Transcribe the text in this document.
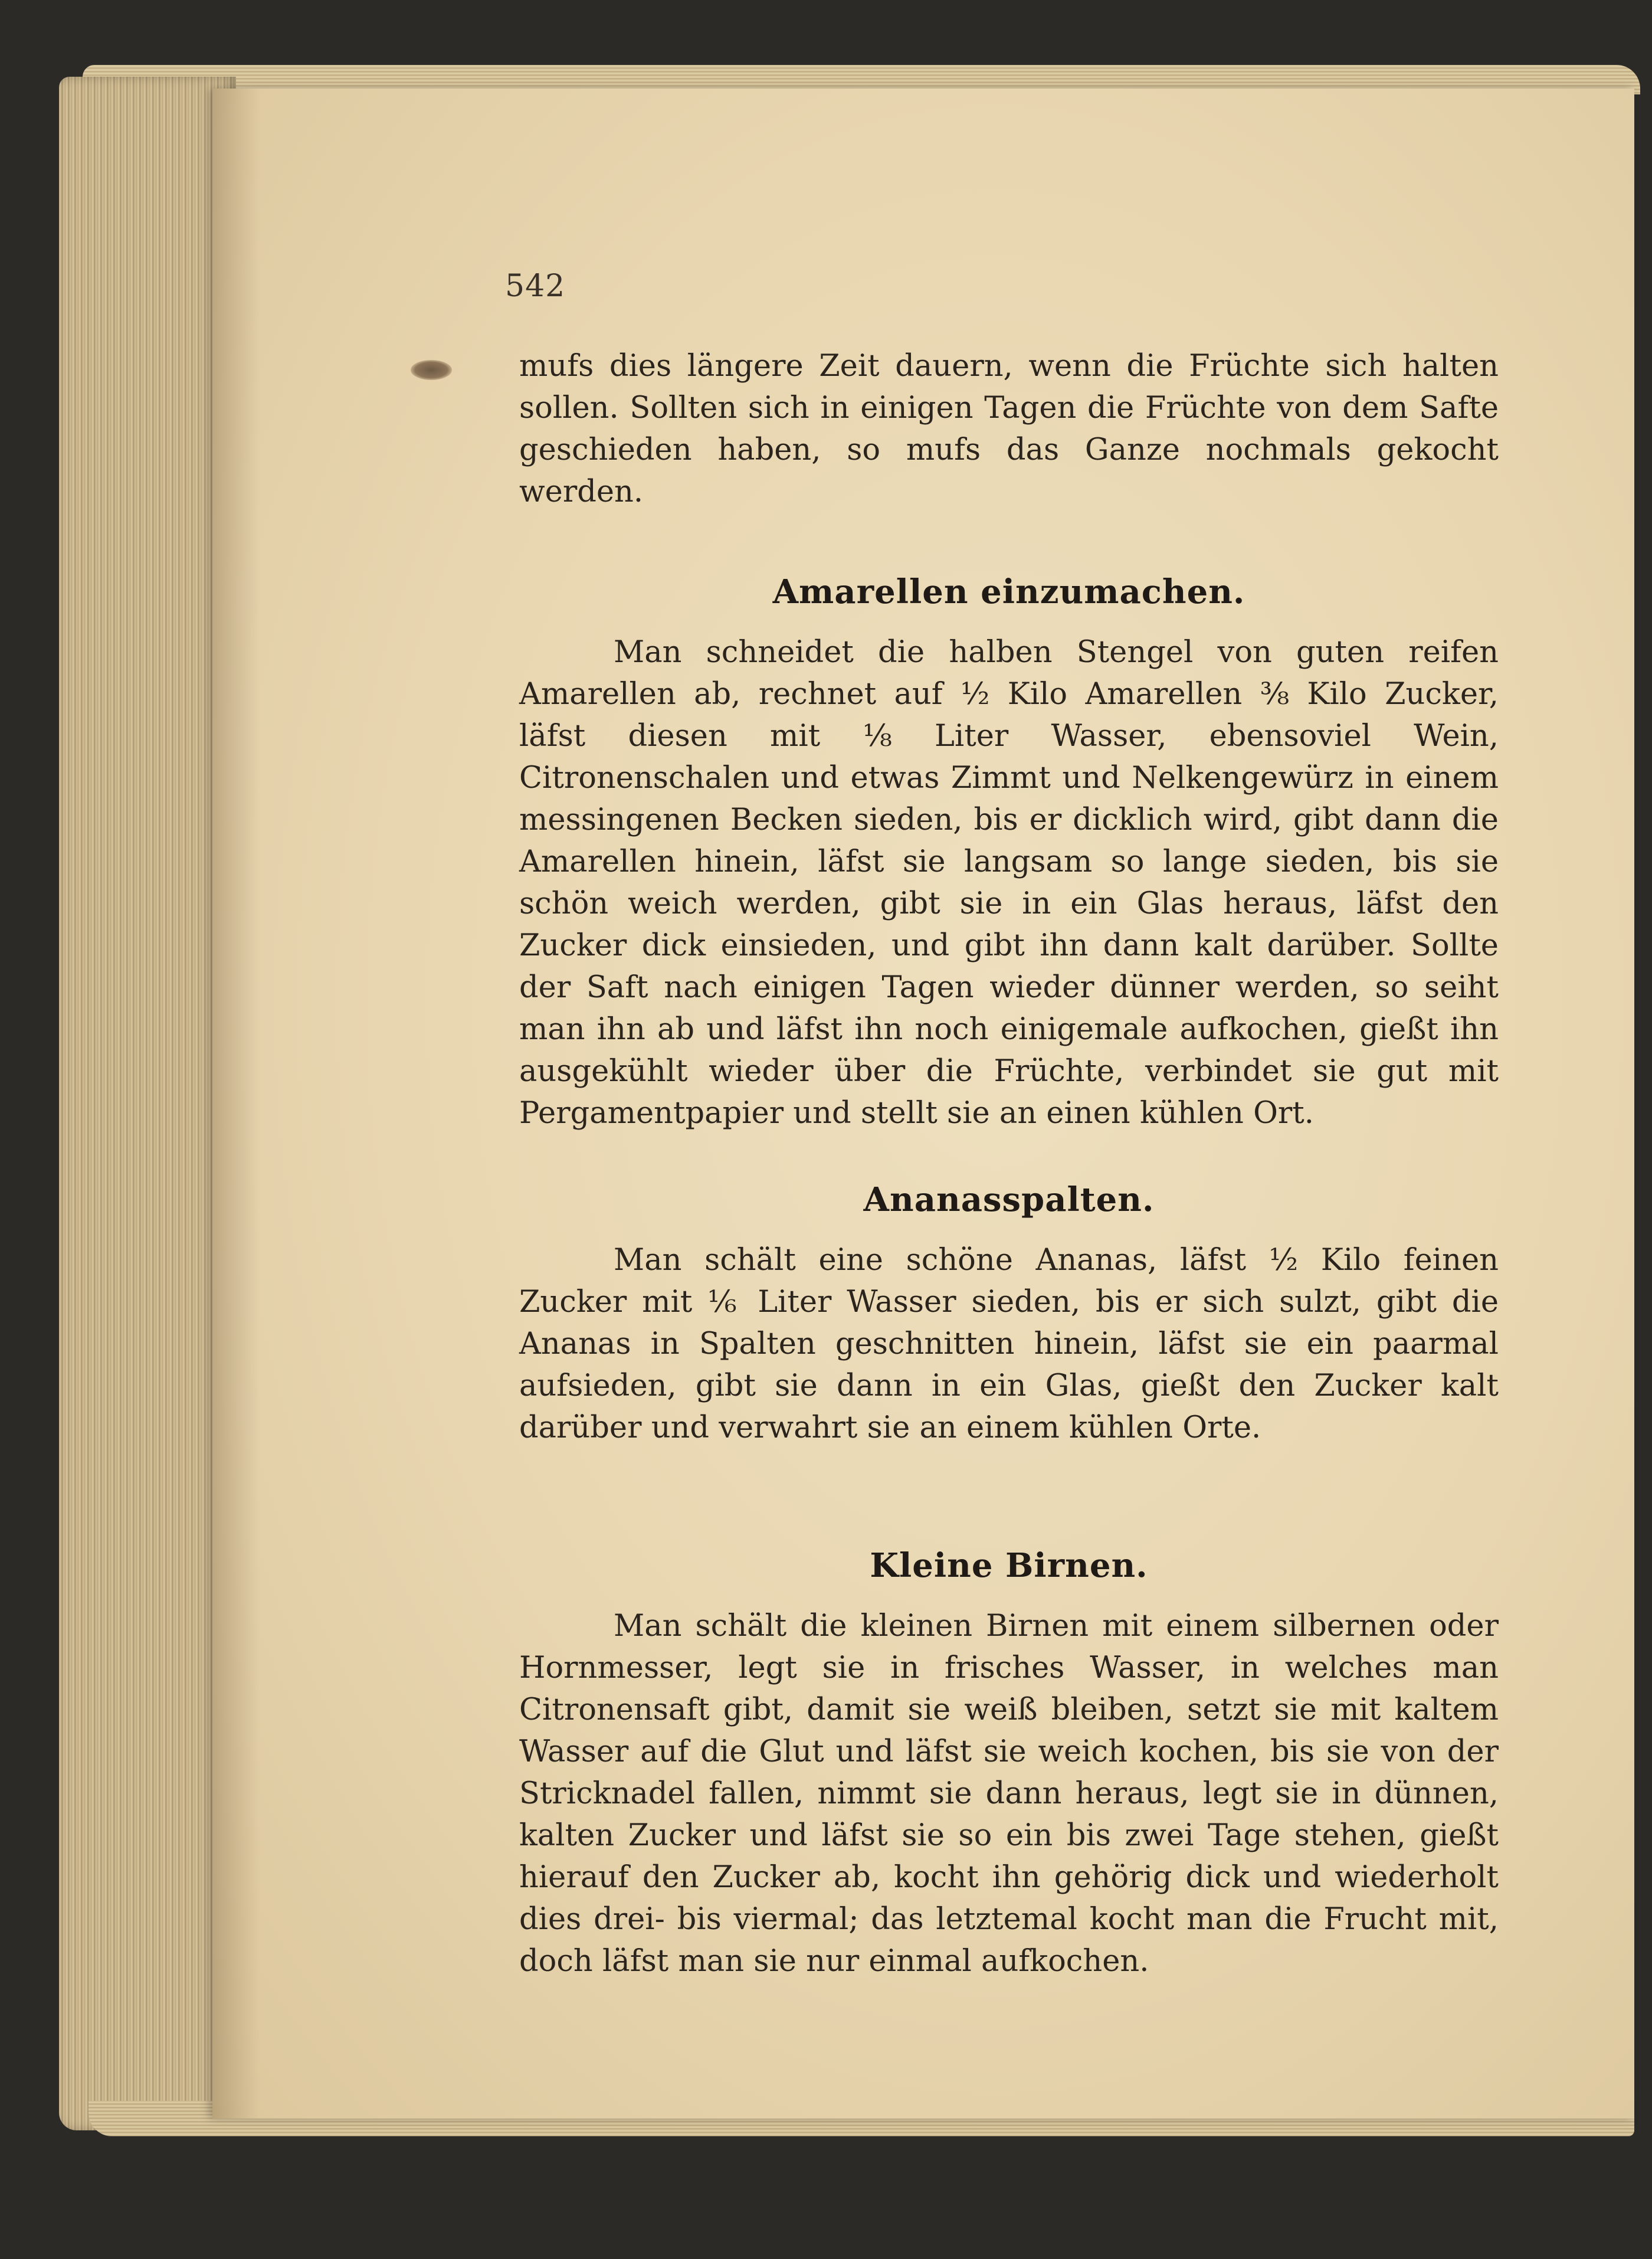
542

mufs dies längere Zeit dauern, wenn die Früchte sich halten sollen. Sollten sich in einigen Tagen die Früchte von dem Safte geschieden haben, so mufs das Ganze nochmals gekocht werden.

Amarellen einzumachen.

Man schneidet die halben Stengel von guten reifen Amarellen ab, rechnet auf ½ Kilo Amarellen ⅜ Kilo Zucker, läfst diesen mit ⅛ Liter Wasser, ebensoviel Wein, Citronenschalen und etwas Zimmt und Nelkengewürz in einem messingenen Becken sieden, bis er dicklich wird, gibt dann die Amarellen hinein, läfst sie langsam so lange sieden, bis sie schön weich werden, gibt sie in ein Glas heraus, läfst den Zucker dick einsieden, und gibt ihn dann kalt darüber. Sollte der Saft nach einigen Tagen wieder dünner werden, so seiht man ihn ab und läfst ihn noch einigemale aufkochen, gießt ihn ausgekühlt wieder über die Früchte, verbindet sie gut mit Pergamentpapier und stellt sie an einen kühlen Ort.

Ananasspalten.

Man schält eine schöne Ananas, läfst ½ Kilo feinen Zucker mit ⅙ Liter Wasser sieden, bis er sich sulzt, gibt die Ananas in Spalten geschnitten hinein, läfst sie ein paarmal aufsieden, gibt sie dann in ein Glas, gießt den Zucker kalt darüber und verwahrt sie an einem kühlen Orte.

Kleine Birnen.

Man schält die kleinen Birnen mit einem silbernen oder Hornmesser, legt sie in frisches Wasser, in welches man Citronensaft gibt, damit sie weiß bleiben, setzt sie mit kaltem Wasser auf die Glut und läfst sie weich kochen, bis sie von der Stricknadel fallen, nimmt sie dann heraus, legt sie in dünnen, kalten Zucker und läfst sie so ein bis zwei Tage stehen, gießt hierauf den Zucker ab, kocht ihn gehörig dick und wiederholt dies drei- bis viermal; das letztemal kocht man die Frucht mit, doch läfst man sie nur einmal aufkochen.
